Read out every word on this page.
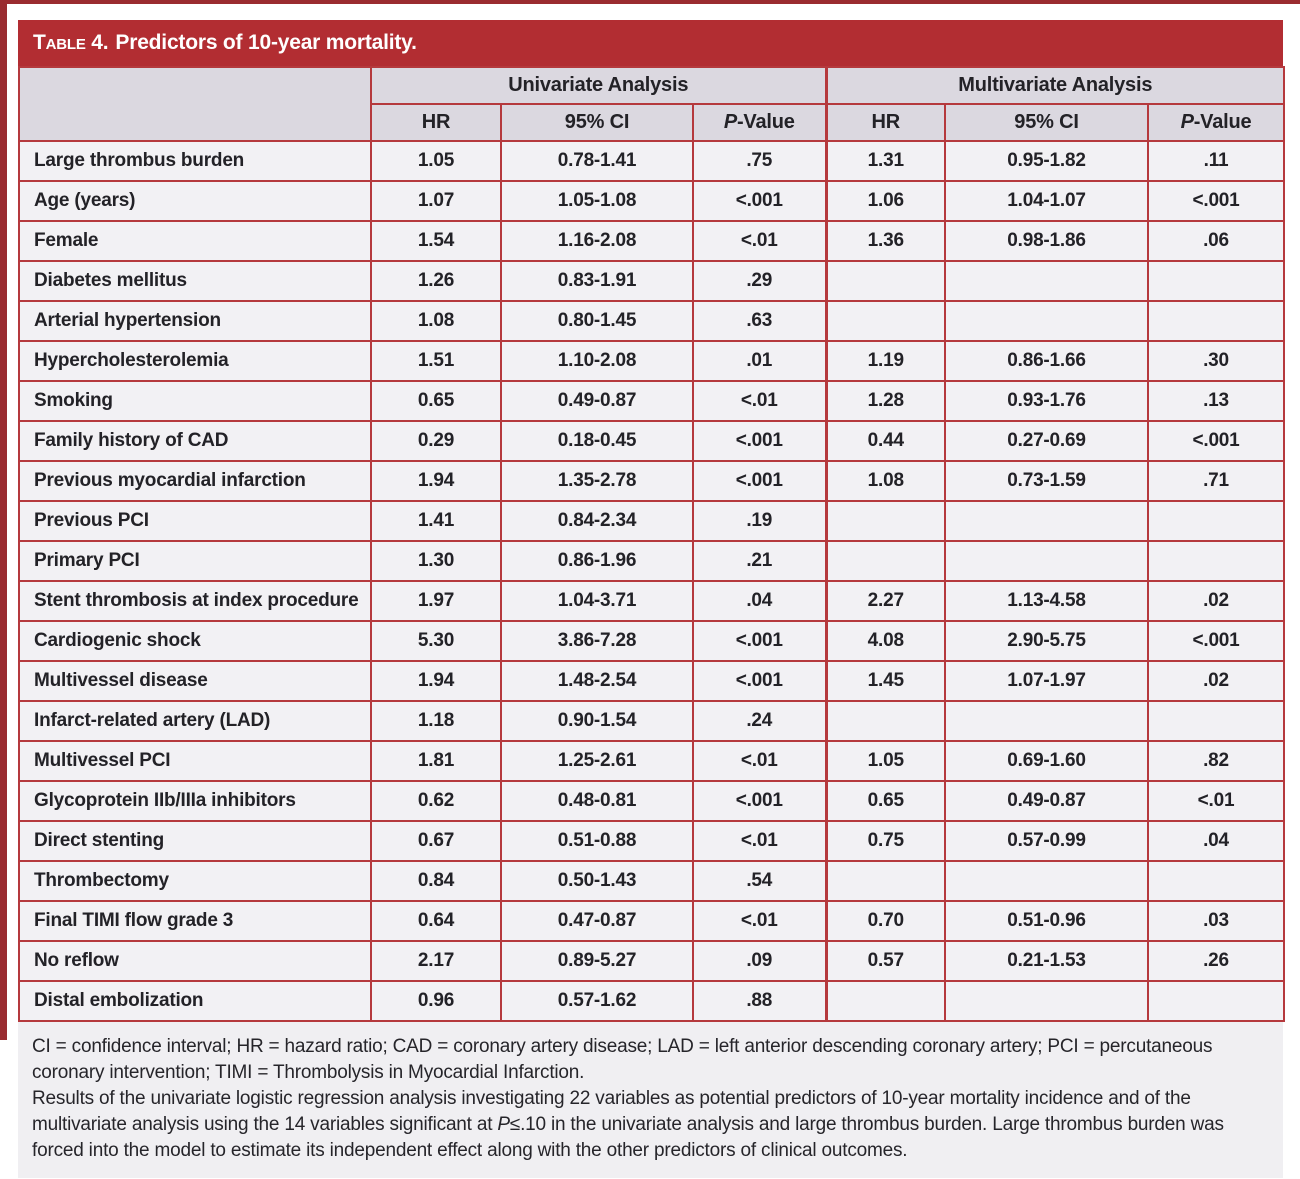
Table 4. Predictors of 10-year mortality.
	Univariate Analysis			Multivariate Analysis		
	HR	95% CI	P-Value	HR	95% CI	P-Value
Large thrombus burden	1.05	0.78-1.41	.75	1.31	0.95-1.82	.11
Age (years)	1.07	1.05-1.08	<.001	1.06	1.04-1.07	<.001
Female	1.54	1.16-2.08	<.01	1.36	0.98-1.86	.06
Diabetes mellitus	1.26	0.83-1.91	.29			
Arterial hypertension	1.08	0.80-1.45	.63			
Hypercholesterolemia	1.51	1.10-2.08	.01	1.19	0.86-1.66	.30
Smoking	0.65	0.49-0.87	<.01	1.28	0.93-1.76	.13
Family history of CAD	0.29	0.18-0.45	<.001	0.44	0.27-0.69	<.001
Previous myocardial infarction	1.94	1.35-2.78	<.001	1.08	0.73-1.59	.71
Previous PCI	1.41	0.84-2.34	.19			
Primary PCI	1.30	0.86-1.96	.21			
Stent thrombosis at index procedure	1.97	1.04-3.71	.04	2.27	1.13-4.58	.02
Cardiogenic shock	5.30	3.86-7.28	<.001	4.08	2.90-5.75	<.001
Multivessel disease	1.94	1.48-2.54	<.001	1.45	1.07-1.97	.02
Infarct-related artery (LAD)	1.18	0.90-1.54	.24			
Multivessel PCI	1.81	1.25-2.61	<.01	1.05	0.69-1.60	.82
Glycoprotein IIb/IIIa inhibitors	0.62	0.48-0.81	<.001	0.65	0.49-0.87	<.01
Direct stenting	0.67	0.51-0.88	<.01	0.75	0.57-0.99	.04
Thrombectomy	0.84	0.50-1.43	.54			
Final TIMI flow grade 3	0.64	0.47-0.87	<.01	0.70	0.51-0.96	.03
No reflow	2.17	0.89-5.27	.09	0.57	0.21-1.53	.26
Distal embolization	0.96	0.57-1.62	.88			

CI = confidence interval; HR = hazard ratio; CAD = coronary artery disease; LAD = left anterior descending coronary artery; PCI = percutaneous coronary intervention; TIMI = Thrombolysis in Myocardial Infarction.

Results of the univariate logistic regression analysis investigating 22 variables as potential predictors of 10-year mortality incidence and of the multivariate analysis using the 14 variables significant at P≤.10 in the univariate analysis and large thrombus burden. Large thrombus burden was forced into the model to estimate its independent effect along with the other predictors of clinical outcomes.
